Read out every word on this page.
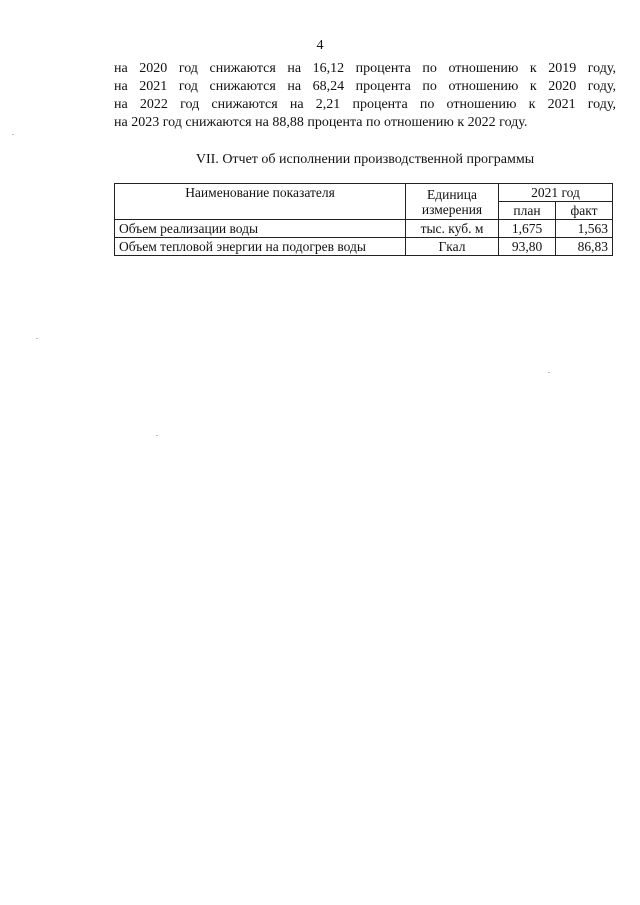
4
на 2020 год снижаются на 16,12 процента по отношению к 2019 году,
на 2021 год снижаются на 68,24 процента по отношению к 2020 году,
на 2022 год снижаются на 2,21 процента по отношению к 2021 году,
на 2023 год снижаются на 88,88 процента по отношению к 2022 году.
VII. Отчет об исполнении производственной программы
Наименование показателя	Единица измерения	2021 год	
		план	факт
Объем реализации воды	тыс. куб. м	1,675	1,563
Объем тепловой энергии на подогрев воды	Гкал	93,80	86,83
